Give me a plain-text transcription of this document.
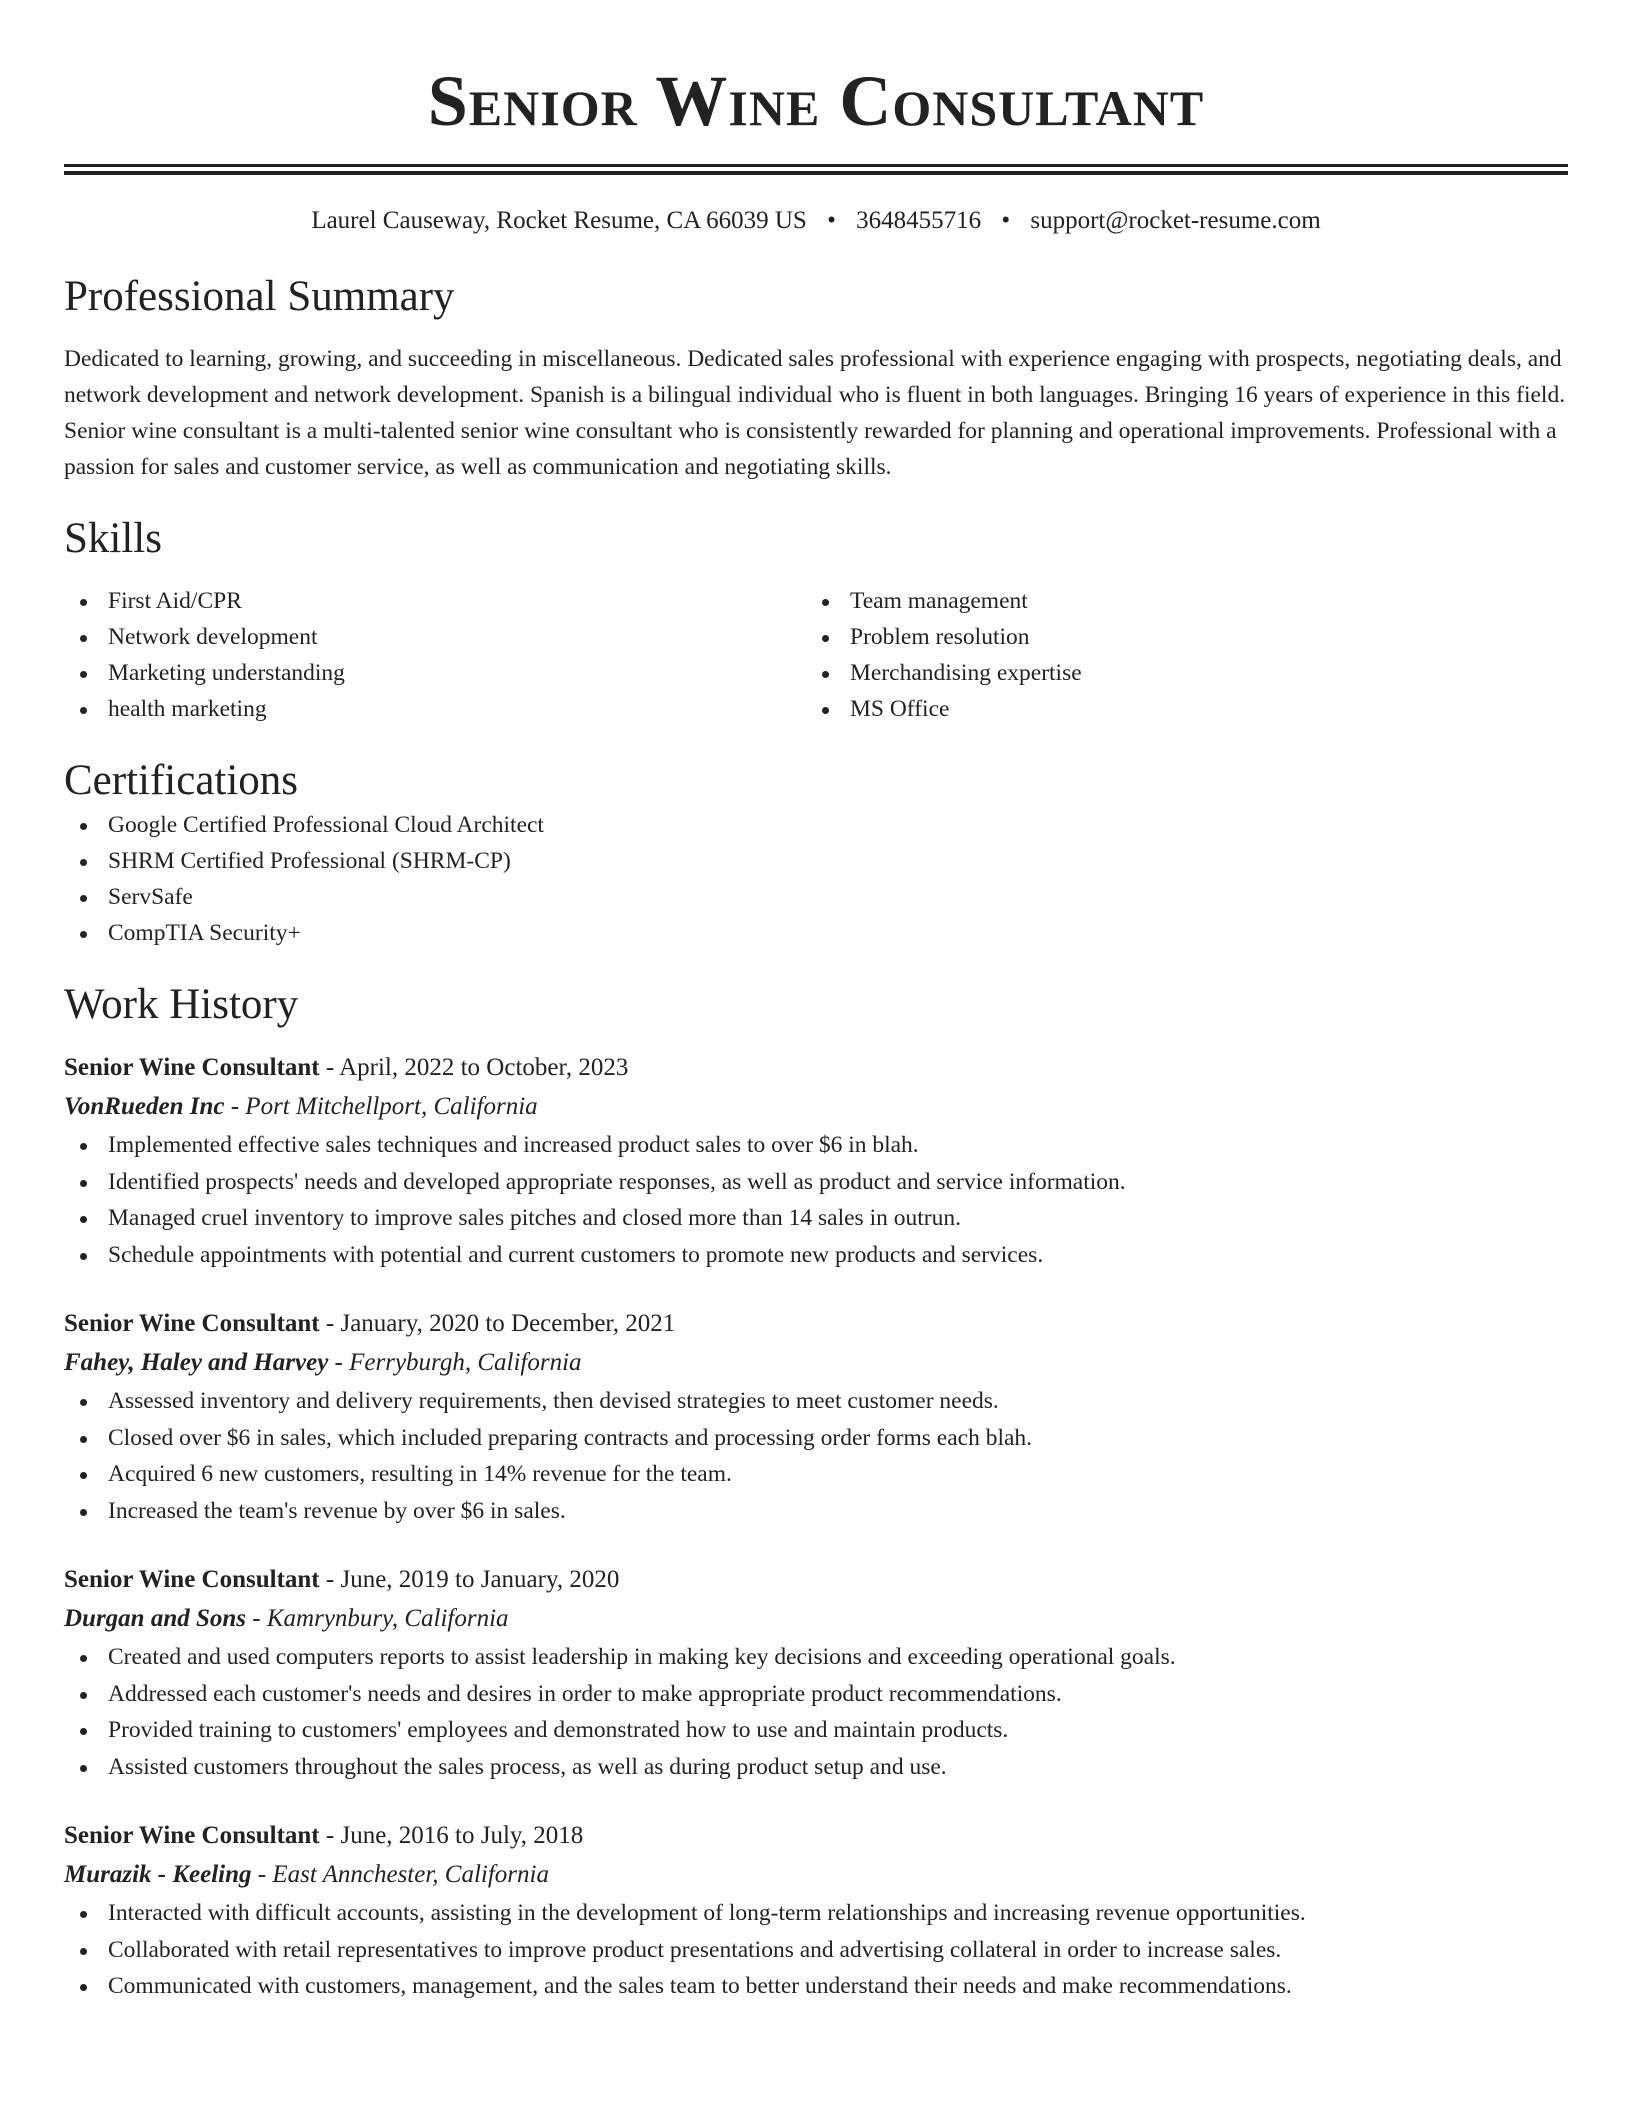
Senior Wine Consultant
Laurel Causeway, Rocket Resume, CA 66039 US • 3648455716 • support@rocket-resume.com
Professional Summary
Dedicated to learning, growing, and succeeding in miscellaneous. Dedicated sales professional with experience engaging with prospects, negotiating deals, and network development and network development. Spanish is a bilingual individual who is fluent in both languages. Bringing 16 years of experience in this field. Senior wine consultant is a multi-talented senior wine consultant who is consistently rewarded for planning and operational improvements. Professional with a passion for sales and customer service, as well as communication and negotiating skills.
Skills
First Aid/CPR
Network development
Marketing understanding
health marketing
Team management
Problem resolution
Merchandising expertise
MS Office
Certifications
Google Certified Professional Cloud Architect
SHRM Certified Professional (SHRM-CP)
ServSafe
CompTIA Security+
Work History
Senior Wine Consultant - April, 2022 to October, 2023
VonRueden Inc - Port Mitchellport, California
Implemented effective sales techniques and increased product sales to over $6 in blah.
Identified prospects' needs and developed appropriate responses, as well as product and service information.
Managed cruel inventory to improve sales pitches and closed more than 14 sales in outrun.
Schedule appointments with potential and current customers to promote new products and services.
Senior Wine Consultant - January, 2020 to December, 2021
Fahey, Haley and Harvey - Ferryburgh, California
Assessed inventory and delivery requirements, then devised strategies to meet customer needs.
Closed over $6 in sales, which included preparing contracts and processing order forms each blah.
Acquired 6 new customers, resulting in 14% revenue for the team.
Increased the team's revenue by over $6 in sales.
Senior Wine Consultant - June, 2019 to January, 2020
Durgan and Sons - Kamrynbury, California
Created and used computers reports to assist leadership in making key decisions and exceeding operational goals.
Addressed each customer's needs and desires in order to make appropriate product recommendations.
Provided training to customers' employees and demonstrated how to use and maintain products.
Assisted customers throughout the sales process, as well as during product setup and use.
Senior Wine Consultant - June, 2016 to July, 2018
Murazik - Keeling - East Annchester, California
Interacted with difficult accounts, assisting in the development of long-term relationships and increasing revenue opportunities.
Collaborated with retail representatives to improve product presentations and advertising collateral in order to increase sales.
Communicated with customers, management, and the sales team to better understand their needs and make recommendations.
